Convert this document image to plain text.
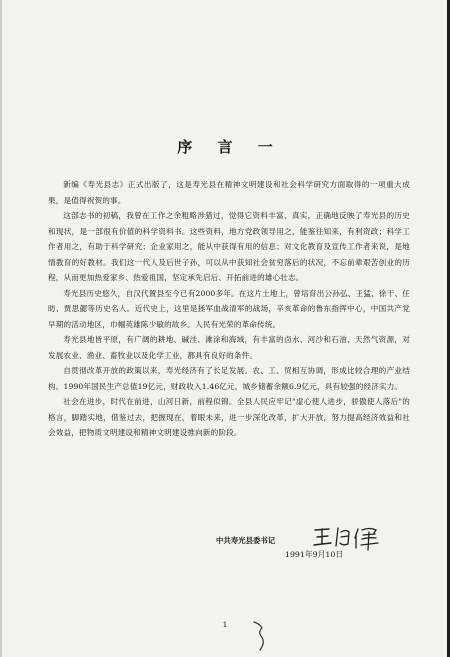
序 言 一

新编《寿光县志》正式出版了，这是寿光县在精神文明建设和社会科学研究方面取得的一项重大成果，是值得祝贺的事。

这部志书的初稿，我曾在工作之余粗略涉猎过，觉得它资料丰富、真实，正确地反映了寿光县的历史和现状，是一部很有价值的科学资料书。这些资料，地方党政领导用之，能鉴往知来，有利资政；科学工作者用之，有助于科学研究；企业家用之，能从中获得有用的信息；对文化教育及宣传工作者来说，是地情教育的好教材。我们这一代人及后世子孙，可以从中获知社会贫穷落后的状况，不忘前辈艰苦创业的历程，从而更加热爱家乡、热爱祖国，坚定承先启后、开拓前进的雄心壮志。

寿光县历史悠久，自汉代置县至今已有2000多年。在这片土地上，曾培育出公孙弘、王猛、徐干、任昉、贾思勰等历史名人。近代史上，这里是拯军血战清军的战场，辛亥革命的鲁东指挥中心，中国共产党早期的活动地区，巾帼英雄陈少敏的故乡。人民有光荣的革命传统。

寿光县地皆平原，有广阔的耕地、碱洼、滩涂和海域，有丰富的卤水、河沙和石油、天然气资源，对发展农业、渔业、畜牧业以及化学工业，都具有良好的条件。

自贯彻改革开放的政策以来，寿光经济有了长足发展。农、工、贸相互协调，形成比较合理的产业结构。1990年国民生产总值19亿元，财政收入1.46亿元，城乡储蓄余额6.9亿元，具有较强的经济实力。

社会在进步，时代在前进，山河日新，前程似锦。全县人民应牢记"虚心使人进步，骄傲使人落后"的格言，脚踏实地，借鉴过去，把握现在，着眼未来，进一步深化改革，扩大开放，努力提高经济效益和社会效益，把物质文明建设和精神文明建设推向新的阶段。

中共寿光县委书记
1991年9月10日
1
